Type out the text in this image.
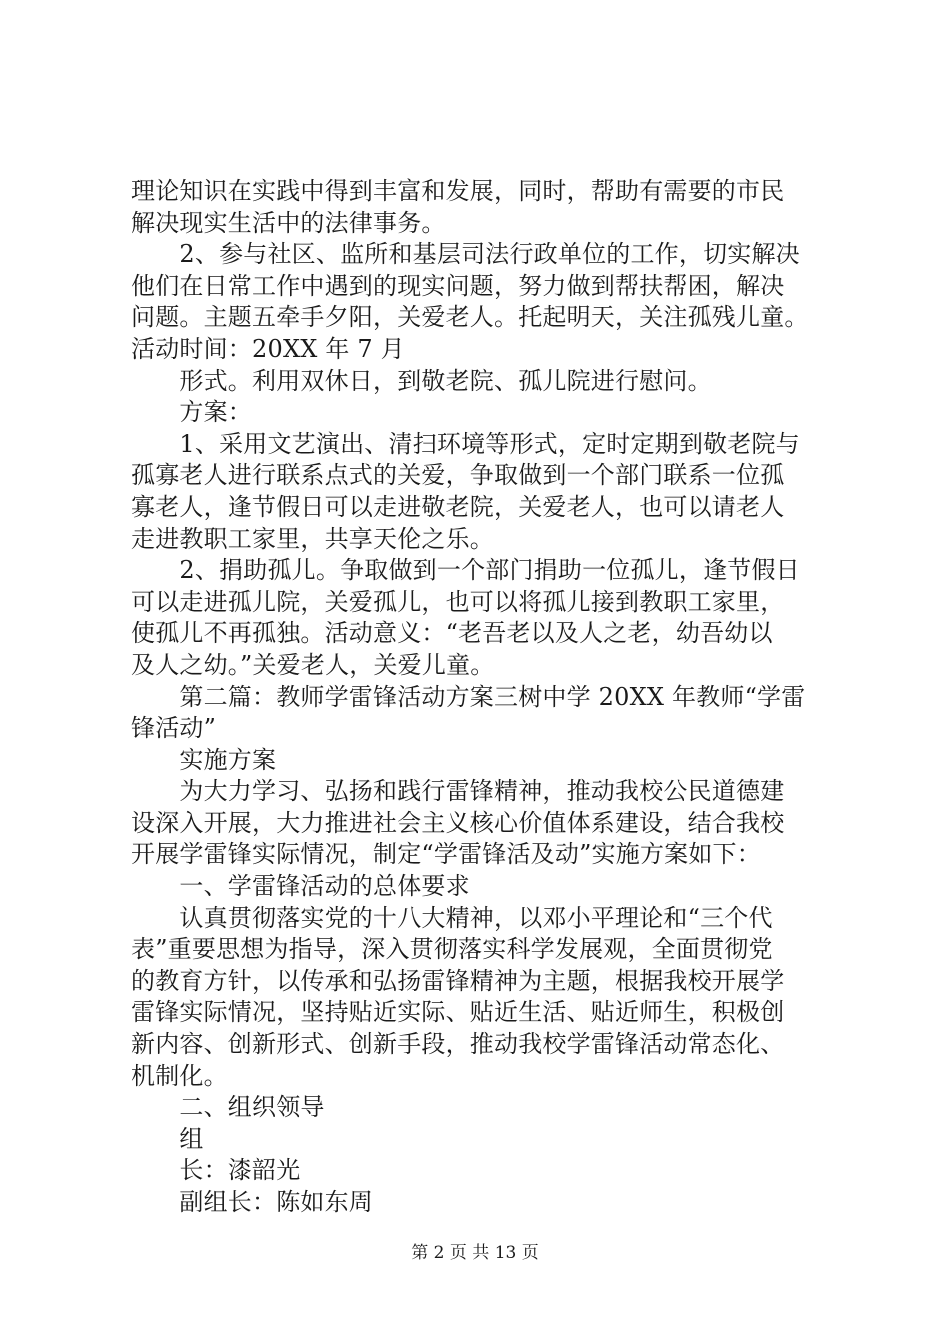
理论知识在实践中得到丰富和发展，同时，帮助有需要的市民
解决现实生活中的法律事务。
　　2、参与社区、监所和基层司法行政单位的工作，切实解决
他们在日常工作中遇到的现实问题，努力做到帮扶帮困，解决
问题。主题五牵手夕阳，关爱老人。托起明天，关注孤残儿童。
活动时间：20XX 年 7 月
　　形式。利用双休日，到敬老院、孤儿院进行慰问。
　　方案：
　　1、采用文艺演出、清扫环境等形式，定时定期到敬老院与
孤寡老人进行联系点式的关爱，争取做到一个部门联系一位孤
寡老人，逢节假日可以走进敬老院，关爱老人，也可以请老人
走进教职工家里，共享天伦之乐。
　　2、捐助孤儿。争取做到一个部门捐助一位孤儿，逢节假日
可以走进孤儿院，关爱孤儿，也可以将孤儿接到教职工家里，
使孤儿不再孤独。活动意义：“老吾老以及人之老，幼吾幼以
及人之幼。”关爱老人，关爱儿童。
　　第二篇：教师学雷锋活动方案三树中学 20XX 年教师“学雷
锋活动”
　　实施方案
　　为大力学习、弘扬和践行雷锋精神，推动我校公民道德建
设深入开展，大力推进社会主义核心价值体系建设，结合我校
开展学雷锋实际情况，制定“学雷锋活及动”实施方案如下：
　　一、学雷锋活动的总体要求
　　认真贯彻落实党的十八大精神，以邓小平理论和“三个代
表”重要思想为指导，深入贯彻落实科学发展观，全面贯彻党
的教育方针，以传承和弘扬雷锋精神为主题，根据我校开展学
雷锋实际情况，坚持贴近实际、贴近生活、贴近师生，积极创
新内容、创新形式、创新手段，推动我校学雷锋活动常态化、
机制化。
　　二、组织领导
　　组
　　长：漆韶光
　　副组长：陈如东周
第 2 页 共 13 页
